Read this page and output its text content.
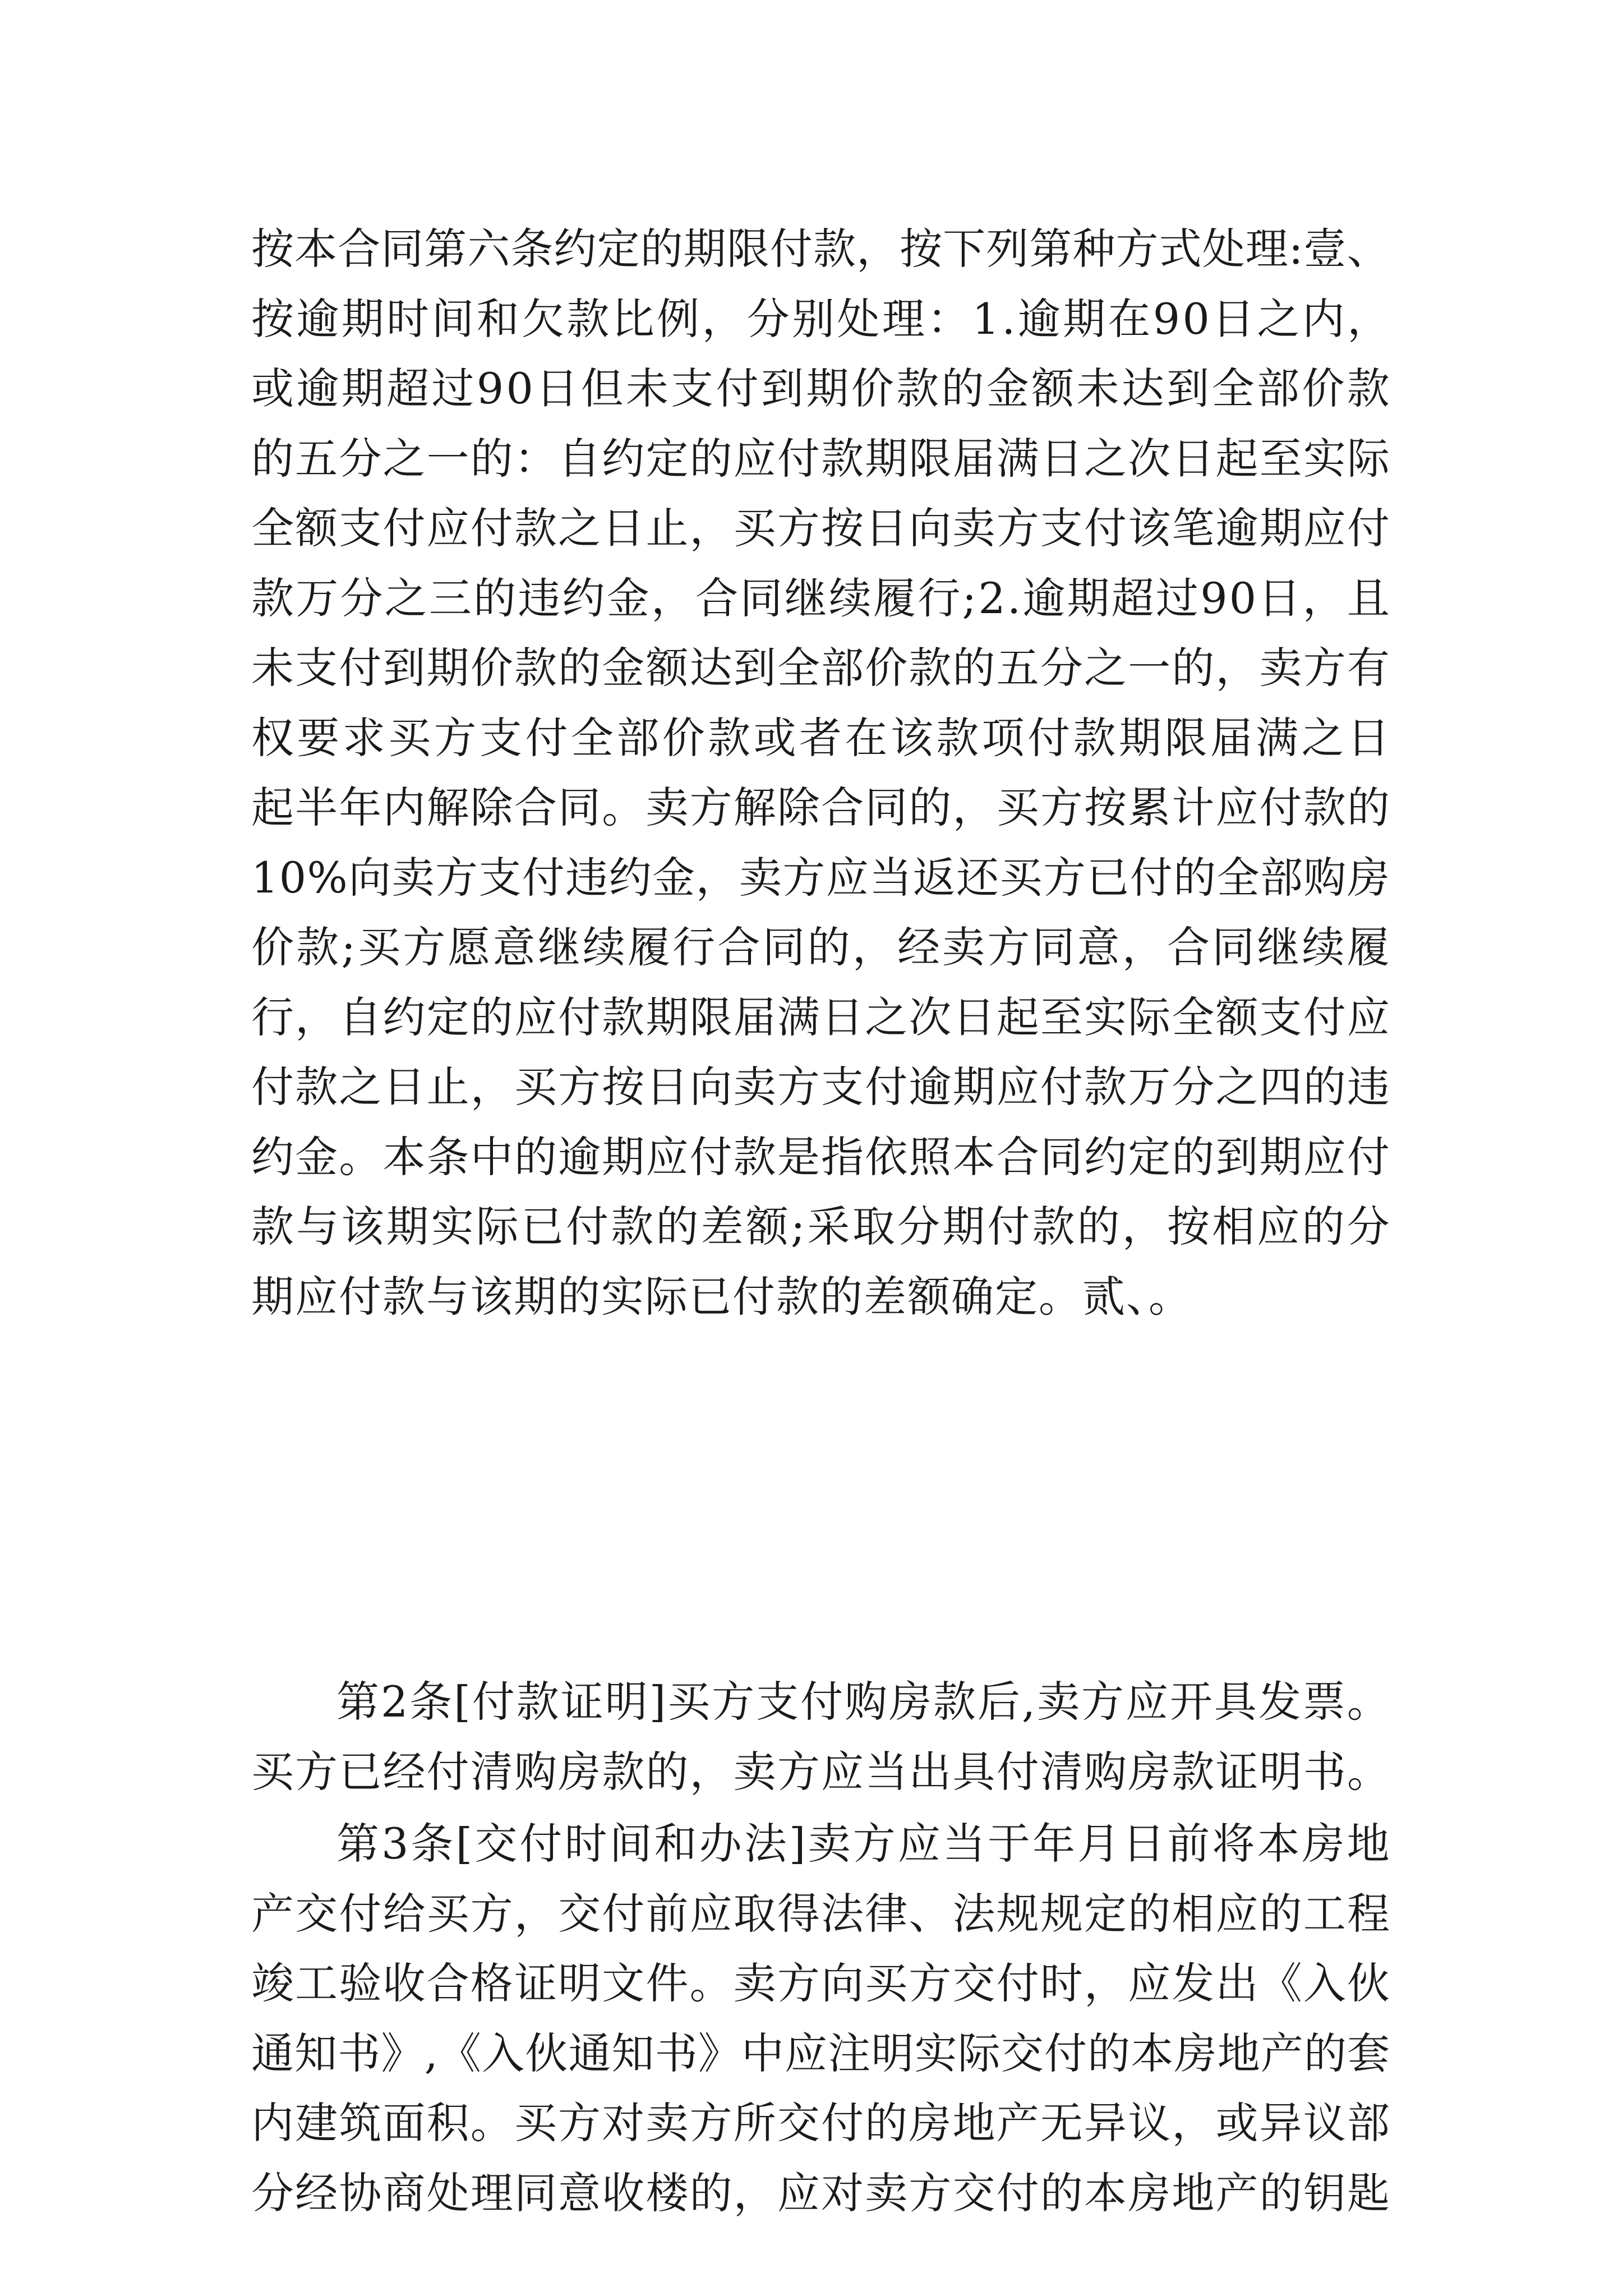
按本合同第六条约定的期限付款，按下列第种方式处理:壹、
按逾期时间和欠款比例，分别处理：1.逾期在90日之内，
或逾期超过90日但未支付到期价款的金额未达到全部价款
的五分之一的：自约定的应付款期限届满日之次日起至实际
全额支付应付款之日止，买方按日向卖方支付该笔逾期应付
款万分之三的违约金，合同继续履行;2.逾期超过90日，且
未支付到期价款的金额达到全部价款的五分之一的，卖方有
权要求买方支付全部价款或者在该款项付款期限届满之日
起半年内解除合同。卖方解除合同的，买方按累计应付款的
10%向卖方支付违约金，卖方应当返还买方已付的全部购房
价款;买方愿意继续履行合同的，经卖方同意，合同继续履
行，自约定的应付款期限届满日之次日起至实际全额支付应
付款之日止，买方按日向卖方支付逾期应付款万分之四的违
约金。本条中的逾期应付款是指依照本合同约定的到期应付
款与该期实际已付款的差额;采取分期付款的，按相应的分
期应付款与该期的实际已付款的差额确定。贰、。
第2条[付款证明]买方支付购房款后,卖方应开具发票。
买方已经付清购房款的，卖方应当出具付清购房款证明书。
第3条[交付时间和办法]卖方应当于年月日前将本房地
产交付给买方，交付前应取得法律、法规规定的相应的工程
竣工验收合格证明文件。卖方向买方交付时，应发出《入伙
通知书》,《入伙通知书》中应注明实际交付的本房地产的套
内建筑面积。买方对卖方所交付的房地产无异议，或异议部
分经协商处理同意收楼的，应对卖方交付的本房地产的钥匙
